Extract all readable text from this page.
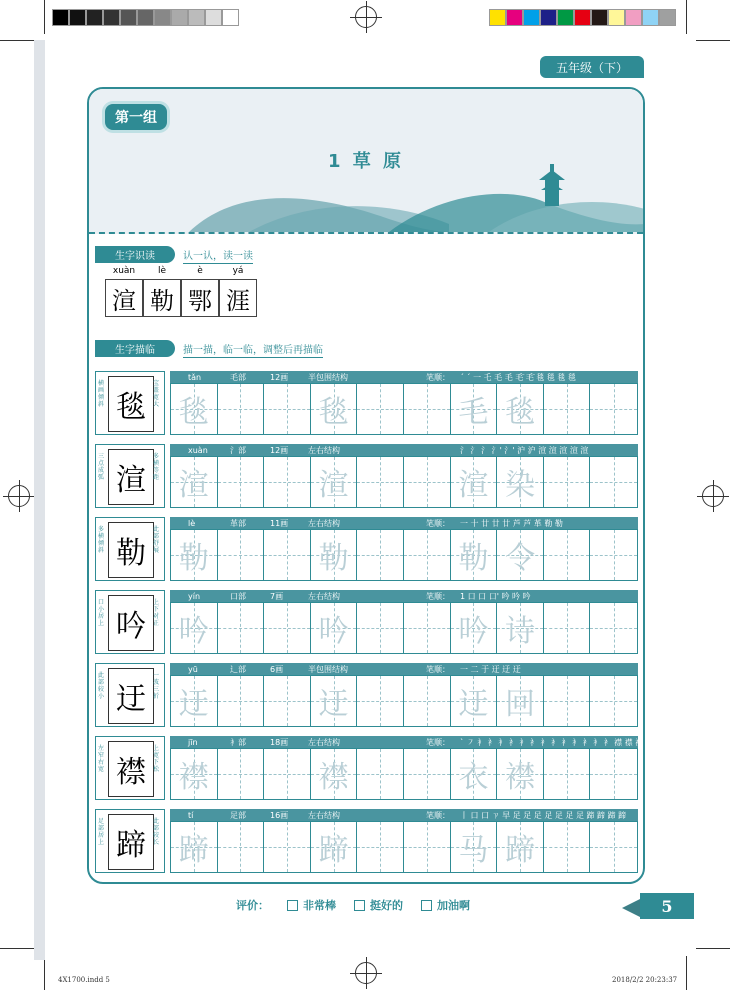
五年级（下）
第一组
1 草 原
生字识读	认一认，读一读
xuàn
渲
lè
勒
è
鄂
yá
涯
生字描临	描一描，临一临，调整后再描临
横画倾斜 毯
宝盖宽大
tǎn	毛部	12画 半包围结构	笔顺： ˊ ˊ 一 乇 毛 毛 毛̄ 毛̄ 毯 毯 毯 毯
毯	毯	毛 毯
三点成弧 渲
多横等距
xuàn	氵部	12画 左右结构	氵 氵 氵 氵' 氵' 沪 沪 渲 渲 渲 渲 渲
渲	渲	渲 染
多横倾斜 勒
此部舒展
lè	革部	11画 左右结构	笔顺： 一 十 廿 廿 廿 芦 芦 革 勒 勒
勒	勒	勒 令
口小居上 吟
上下对正
yín	口部	7画	左右结构	笔顺： 1 口 口 口' 吟 吟 吟
吟	吟	吟 诗
此部较小 迂
一波三折
yū	辶部	6画	半包围结构	笔顺： 一 二 于 迂 迂 迂
迂	迂	迂 回
左窄右宽 襟
上宽下松
jīn	衤部	18画 左右结构	笔顺： ˋ ㇇ 衤 衤 衤 衤 衤 衤 衤 衤 衤 衤 衤 衤 衤 襟 襟 襟
襟	襟	衣 襟
足部居上 蹄
此部较长
tí	足部	16画 左右结构	笔顺： 丨 口 口 ㄗ 早 足 足 足 足 足 足 足 蹄 蹄 蹄 蹄
蹄	蹄	马 蹄
评价：	非常棒	挺好的	加油啊	5
4X1700.indd 5	2018/2/2 20:23:37
